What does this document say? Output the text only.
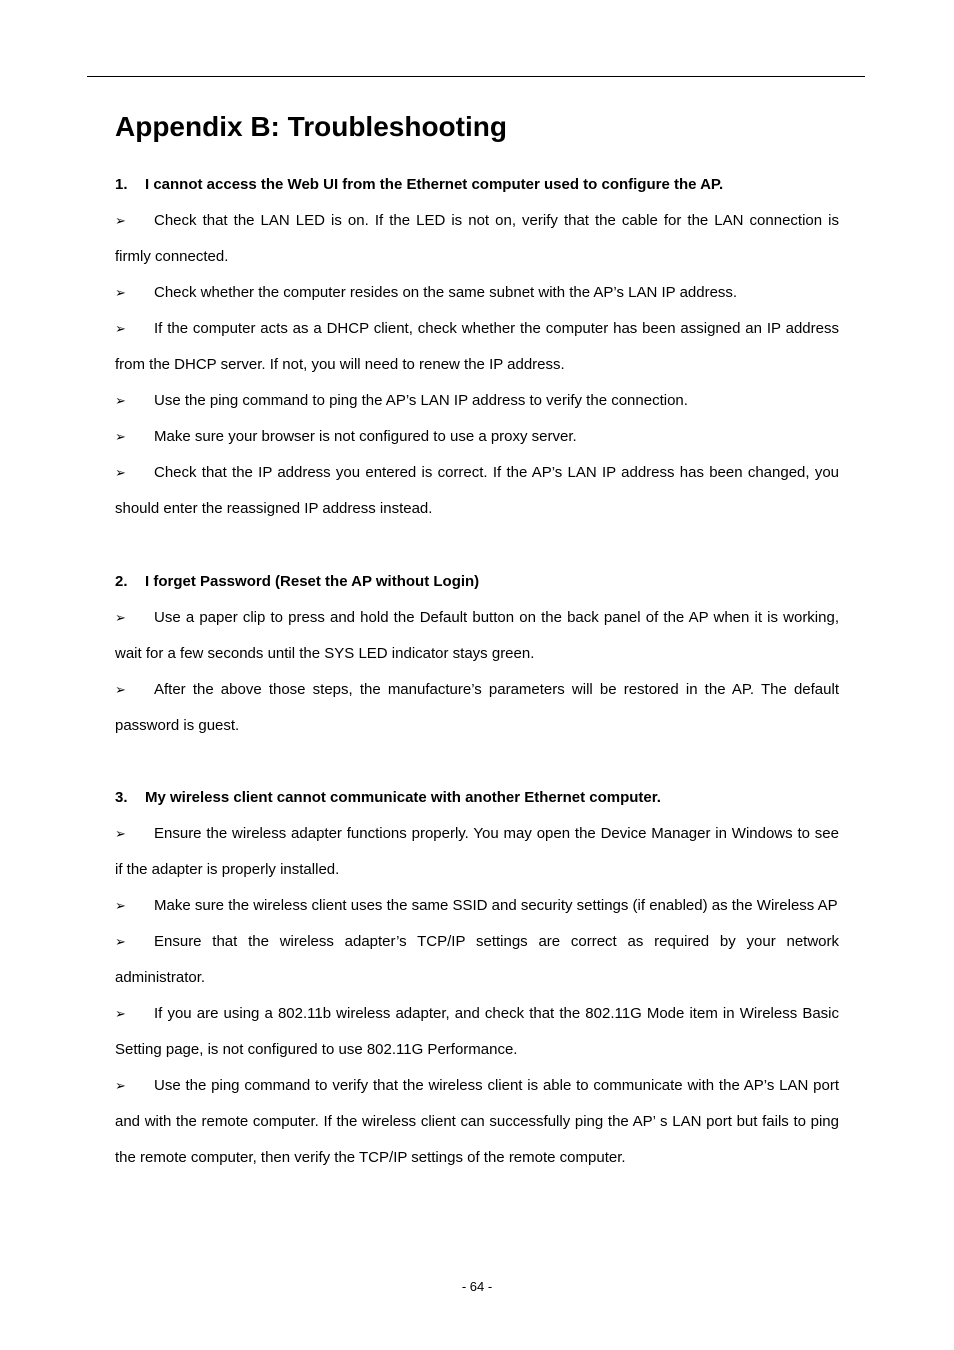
Appendix B: Troubleshooting
1. I cannot access the Web UI from the Ethernet computer used to configure the AP.
➢ Check that the LAN LED is on. If the LED is not on, verify that the cable for the LAN connection is firmly connected.
➢ Check whether the computer resides on the same subnet with the AP’s LAN IP address.
➢ If the computer acts as a DHCP client, check whether the computer has been assigned an IP address from the DHCP server. If not, you will need to renew the IP address.
➢ Use the ping command to ping the AP’s LAN IP address to verify the connection.
➢ Make sure your browser is not configured to use a proxy server.
➢ Check that the IP address you entered is correct. If the AP’s LAN IP address has been changed, you should enter the reassigned IP address instead.
2. I forget Password (Reset the AP without Login)
➢ Use a paper clip to press and hold the Default button on the back panel of the AP when it is working, wait for a few seconds until the SYS LED indicator stays green.
➢ After the above those steps, the manufacture’s parameters will be restored in the AP. The default password is guest.
3. My wireless client cannot communicate with another Ethernet computer.
➢ Ensure the wireless adapter functions properly. You may open the Device Manager in Windows to see if the adapter is properly installed.
➢ Make sure the wireless client uses the same SSID and security settings (if enabled) as the Wireless AP
➢ Ensure that the wireless adapter’s TCP/IP settings are correct as required by your network administrator.
➢ If you are using a 802.11b wireless adapter, and check that the 802.11G Mode item in Wireless Basic Setting page, is not configured to use 802.11G Performance.
➢ Use the ping command to verify that the wireless client is able to communicate with the AP’s LAN port and with the remote computer. If the wireless client can successfully ping the AP’ s LAN port but fails to ping the remote computer, then verify the TCP/IP settings of the remote computer.
- 64 -
